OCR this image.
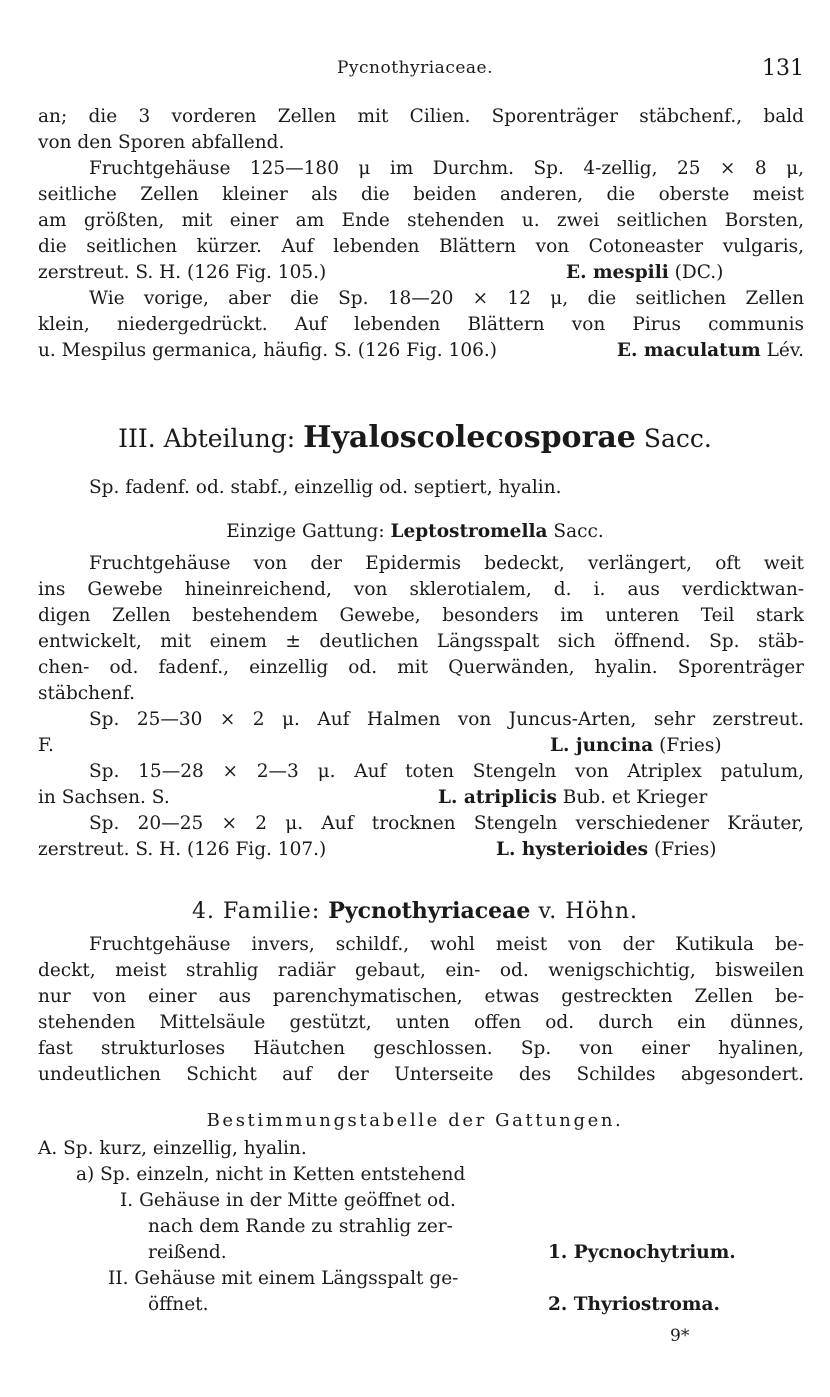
Pycnothyriaceae.	131
an; die 3 vorderen Zellen mit Cilien. Sporenträger stäbchenf., bald
von den Sporen abfallend.
Fruchtgehäuse 125—180 μ im Durchm. Sp. 4-zellig, 25 × 8 μ,
seitliche Zellen kleiner als die beiden anderen, die oberste meist
am größten, mit einer am Ende stehenden u. zwei seitlichen Borsten,
die seitlichen kürzer. Auf lebenden Blättern von Cotoneaster vulgaris,
zerstreut. S. H. (126 Fig. 105.)	E. mespili (DC.)
Wie vorige, aber die Sp. 18—20 × 12 μ, die seitlichen Zellen
klein, niedergedrückt. Auf lebenden Blättern von Pirus communis
u. Mespilus germanica, häufig. S. (126 Fig. 106.)	E. maculatum Lév.
III. Abteilung: Hyaloscolecosporae Sacc.
Sp. fadenf. od. stabf., einzellig od. septiert, hyalin.
Einzige Gattung: Leptostromella Sacc.
Fruchtgehäuse von der Epidermis bedeckt, verlängert, oft weit
ins Gewebe hineinreichend, von sklerotialem, d. i. aus verdicktwan-
digen Zellen bestehendem Gewebe, besonders im unteren Teil stark
entwickelt, mit einem ± deutlichen Längsspalt sich öffnend. Sp. stäb-
chen- od. fadenf., einzellig od. mit Querwänden, hyalin. Sporenträger
stäbchenf.
Sp. 25—30 × 2 μ. Auf Halmen von Juncus-Arten, sehr zerstreut.
F.	L. juncina (Fries)
Sp. 15—28 × 2—3 μ. Auf toten Stengeln von Atriplex patulum,
in Sachsen. S.	L. atriplicis Bub. et Krieger
Sp. 20—25 × 2 μ. Auf trocknen Stengeln verschiedener Kräuter,
zerstreut. S. H. (126 Fig. 107.)	L. hysterioides (Fries)
4. Familie: Pycnothyriaceae v. Höhn.
Fruchtgehäuse invers, schildf., wohl meist von der Kutikula be-
deckt, meist strahlig radiär gebaut, ein- od. wenigschichtig, bisweilen
nur von einer aus parenchymatischen, etwas gestreckten Zellen be-
stehenden Mittelsäule gestützt, unten offen od. durch ein dünnes,
fast strukturloses Häutchen geschlossen. Sp. von einer hyalinen,
undeutlichen Schicht auf der Unterseite des Schildes abgesondert.
Bestimmungstabelle der Gattungen.
A. Sp. kurz, einzellig, hyalin.
a) Sp. einzeln, nicht in Ketten entstehend
I. Gehäuse in der Mitte geöffnet od.
nach dem Rande zu strahlig zer-
reißend.	1. Pycnochytrium.
II. Gehäuse mit einem Längsspalt ge-
öffnet.	2. Thyriostroma.
9*
